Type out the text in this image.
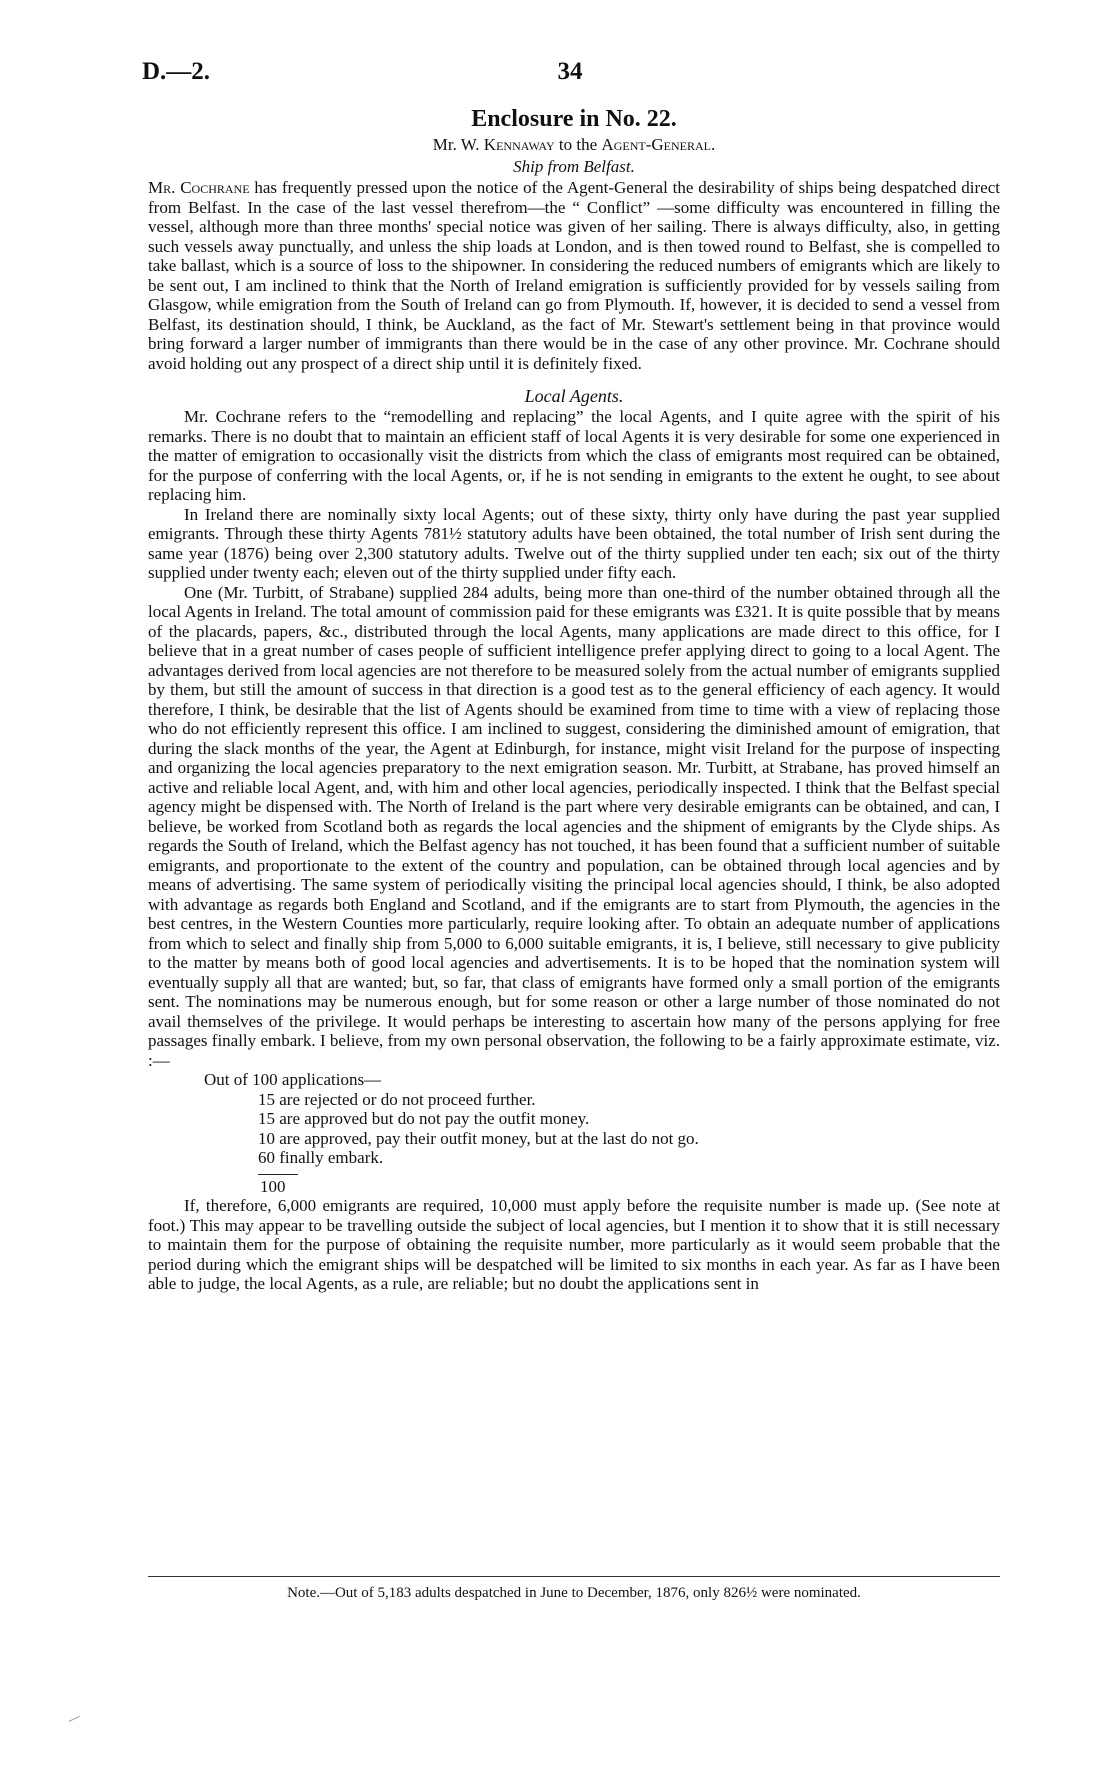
D.—2.	34
Enclosure in No. 22.
Mr. W. Kennaway to the Agent-General.
Ship from Belfast.

Mr. Cochrane has frequently pressed upon the notice of the Agent-General the desirability of ships being despatched direct from Belfast. In the case of the last vessel therefrom—the “ Conflict” —some difficulty was encountered in filling the vessel, although more than three months' special notice was given of her sailing. There is always difficulty, also, in getting such vessels away punctually, and unless the ship loads at London, and is then towed round to Belfast, she is compelled to take ballast, which is a source of loss to the shipowner. In considering the reduced numbers of emigrants which are likely to be sent out, I am inclined to think that the North of Ireland emigration is sufficiently provided for by vessels sailing from Glasgow, while emigration from the South of Ireland can go from Plymouth. If, however, it is decided to send a vessel from Belfast, its destination should, I think, be Auckland, as the fact of Mr. Stewart's settlement being in that province would bring forward a larger number of immigrants than there would be in the case of any other province. Mr. Cochrane should avoid holding out any prospect of a direct ship until it is definitely fixed.

Local Agents.

Mr. Cochrane refers to the “remodelling and replacing” the local Agents, and I quite agree with the spirit of his remarks. There is no doubt that to maintain an efficient staff of local Agents it is very desirable for some one experienced in the matter of emigration to occasionally visit the districts from which the class of emigrants most required can be obtained, for the purpose of conferring with the local Agents, or, if he is not sending in emigrants to the extent he ought, to see about replacing him.

In Ireland there are nominally sixty local Agents; out of these sixty, thirty only have during the past year supplied emigrants. Through these thirty Agents 781½ statutory adults have been obtained, the total number of Irish sent during the same year (1876) being over 2,300 statutory adults. Twelve out of the thirty supplied under ten each; six out of the thirty supplied under twenty each; eleven out of the thirty supplied under fifty each.

One (Mr. Turbitt, of Strabane) supplied 284 adults, being more than one-third of the number obtained through all the local Agents in Ireland. The total amount of commission paid for these emigrants was £321. It is quite possible that by means of the placards, papers, &c., distributed through the local Agents, many applications are made direct to this office, for I believe that in a great number of cases people of sufficient intelligence prefer applying direct to going to a local Agent. The advantages derived from local agencies are not therefore to be measured solely from the actual number of emigrants supplied by them, but still the amount of success in that direction is a good test as to the general efficiency of each agency. It would therefore, I think, be desirable that the list of Agents should be examined from time to time with a view of replacing those who do not efficiently represent this office. I am inclined to suggest, considering the diminished amount of emigration, that during the slack months of the year, the Agent at Edinburgh, for instance, might visit Ireland for the purpose of inspecting and organizing the local agencies preparatory to the next emigration season. Mr. Turbitt, at Strabane, has proved himself an active and reliable local Agent, and, with him and other local agencies, periodically inspected. I think that the Belfast special agency might be dispensed with. The North of Ireland is the part where very desirable emigrants can be obtained, and can, I believe, be worked from Scotland both as regards the local agencies and the shipment of emigrants by the Clyde ships. As regards the South of Ireland, which the Belfast agency has not touched, it has been found that a sufficient number of suitable emigrants, and proportionate to the extent of the country and population, can be obtained through local agencies and by means of advertising. The same system of periodically visiting the principal local agencies should, I think, be also adopted with advantage as regards both England and Scotland, and if the emigrants are to start from Plymouth, the agencies in the best centres, in the Western Counties more particularly, require looking after. To obtain an adequate number of applications from which to select and finally ship from 5,000 to 6,000 suitable emigrants, it is, I believe, still necessary to give publicity to the matter by means both of good local agencies and advertisements. It is to be hoped that the nomination system will eventually supply all that are wanted; but, so far, that class of emigrants have formed only a small portion of the emigrants sent. The nominations may be numerous enough, but for some reason or other a large number of those nominated do not avail themselves of the privilege. It would perhaps be interesting to ascertain how many of the persons applying for free passages finally embark. I believe, from my own personal observation, the following to be a fairly approximate estimate, viz. :—

Out of 100 applications—
15 are rejected or do not proceed further.
15 are approved but do not pay the outfit money.
10 are approved, pay their outfit money, but at the last do not go.
60 finally embark.
100

If, therefore, 6,000 emigrants are required, 10,000 must apply before the requisite number is made up. (See note at foot.) This may appear to be travelling outside the subject of local agencies, but I mention it to show that it is still necessary to maintain them for the purpose of obtaining the requisite number, more particularly as it would seem probable that the period during which the emigrant ships will be despatched will be limited to six months in each year. As far as I have been able to judge, the local Agents, as a rule, are reliable; but no doubt the applications sent in

Note.—Out of 5,183 adults despatched in June to December, 1876, only 826½ were nominated.
